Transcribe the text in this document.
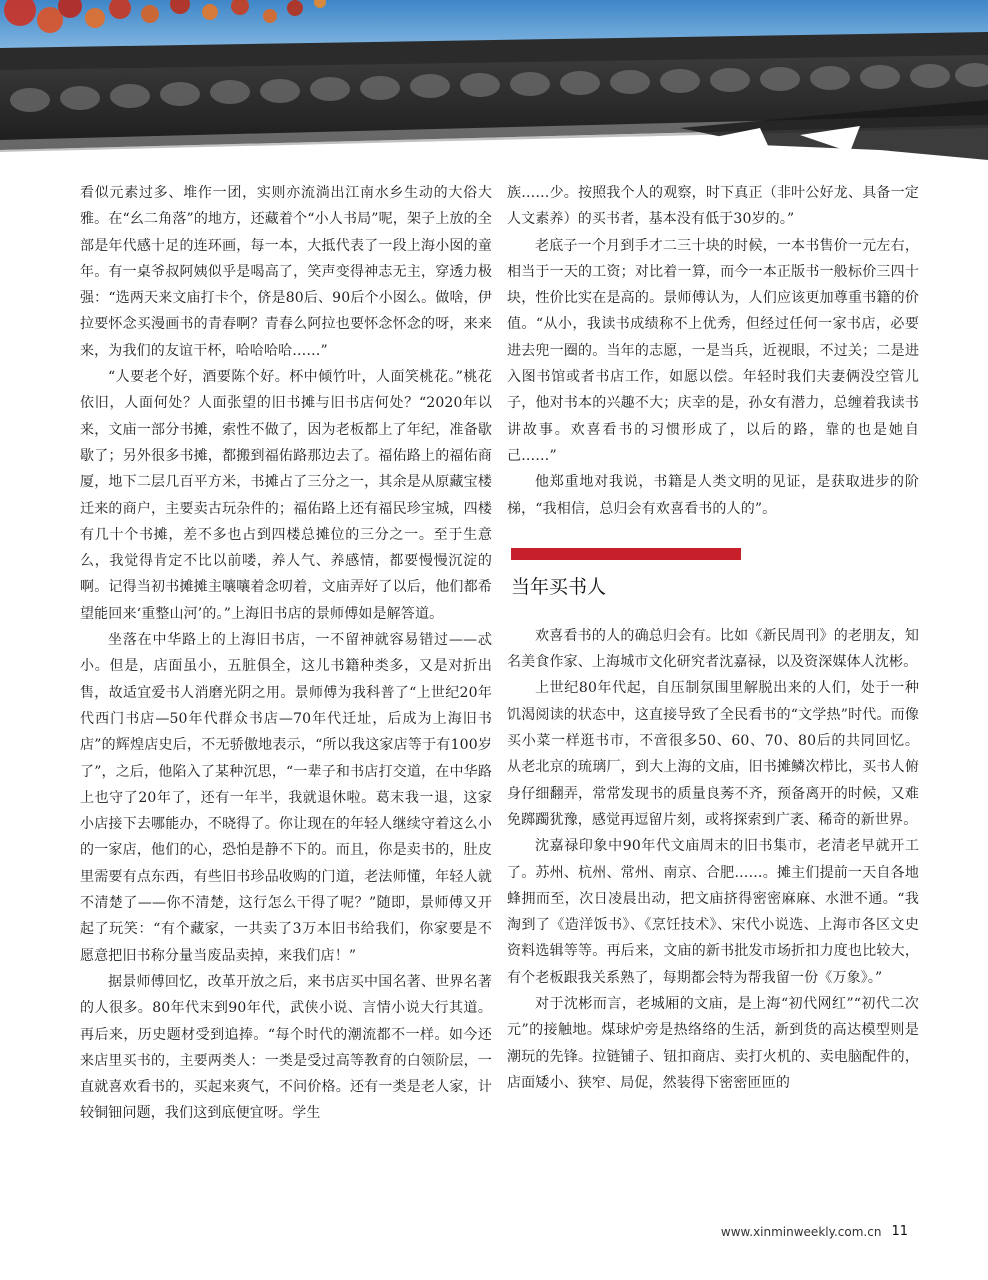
看似元素过多、堆作一团，实则亦流淌出江南水乡生动的大俗大雅。在“幺二角落”的地方，还藏着个“小人书局”呢，架子上放的全部是年代感十足的连环画，每一本，大抵代表了一段上海小囡的童年。有一桌爷叔阿姨似乎是喝高了，笑声变得神志无主，穿透力极强：“选两天来文庙打卡个，侪是80后、90后个小囡么。做啥，伊拉要怀念买漫画书的青春啊？青春么阿拉也要怀念怀念的呀，来来来，为我们的友谊干杯，哈哈哈哈……”

“人要老个好，酒要陈个好。杯中倾竹叶，人面笑桃花。”桃花依旧，人面何处？人面张望的旧书摊与旧书店何处？“2020年以来，文庙一部分书摊，索性不做了，因为老板都上了年纪，准备歇歇了；另外很多书摊，都搬到福佑路那边去了。福佑路上的福佑商厦，地下二层几百平方米，书摊占了三分之一，其余是从原藏宝楼迁来的商户，主要卖古玩杂件的；福佑路上还有福民珍宝城，四楼有几十个书摊，差不多也占到四楼总摊位的三分之一。至于生意么，我觉得肯定不比以前喽，养人气、养感情，都要慢慢沉淀的啊。记得当初书摊摊主嚷嚷着念叨着，文庙弄好了以后，他们都希望能回来‘重整山河’的。”上海旧书店的景师傅如是解答道。

坐落在中华路上的上海旧书店，一不留神就容易错过——忒小。但是，店面虽小，五脏俱全，这儿书籍种类多，又是对折出售，故适宜爱书人消磨光阴之用。景师傅为我科普了“上世纪20年代西门书店—50年代群众书店—70年代迁址，后成为上海旧书店”的辉煌店史后，不无骄傲地表示，“所以我这家店等于有100岁了”，之后，他陷入了某种沉思，“一辈子和书店打交道，在中华路上也守了20年了，还有一年半，我就退休啦。葛末我一退，这家小店接下去哪能办，不晓得了。你让现在的年轻人继续守着这么小的一家店，他们的心，恐怕是静不下的。而且，你是卖书的，肚皮里需要有点东西，有些旧书珍品收购的门道，老法师懂，年轻人就不清楚了——你不清楚，这行怎么干得了呢？”随即，景师傅又开起了玩笑：“有个藏家，一共卖了3万本旧书给我们，你家要是不愿意把旧书称分量当废品卖掉，来我们店！”

据景师傅回忆，改革开放之后，来书店买中国名著、世界名著的人很多。80年代末到90年代，武侠小说、言情小说大行其道。再后来，历史题材受到追捧。“每个时代的潮流都不一样。如今还来店里买书的，主要两类人：一类是受过高等教育的白领阶层，一直就喜欢看书的，买起来爽气，不问价格。还有一类是老人家，计较铜钿问题，我们这到底便宜呀。学生

族……少。按照我个人的观察，时下真正（非叶公好龙、具备一定人文素养）的买书者，基本没有低于30岁的。”

老底子一个月到手才二三十块的时候，一本书售价一元左右，相当于一天的工资；对比着一算，而今一本正版书一般标价三四十块，性价比实在是高的。景师傅认为，人们应该更加尊重书籍的价值。“从小，我读书成绩称不上优秀，但经过任何一家书店，必要进去兜一圈的。当年的志愿，一是当兵，近视眼，不过关；二是进入图书馆或者书店工作，如愿以偿。年轻时我们夫妻俩没空管儿子，他对书本的兴趣不大；庆幸的是，孙女有潜力，总缠着我读书讲故事。欢喜看书的习惯形成了，以后的路，靠的也是她自己……”

他郑重地对我说，书籍是人类文明的见证，是获取进步的阶梯，“我相信，总归会有欢喜看书的人的”。

当年买书人

欢喜看书的人的确总归会有。比如《新民周刊》的老朋友，知名美食作家、上海城市文化研究者沈嘉禄，以及资深媒体人沈彬。

上世纪80年代起，自压制氛围里解脱出来的人们，处于一种饥渴阅读的状态中，这直接导致了全民看书的“文学热”时代。而像买小菜一样逛书市，不啻很多50、60、70、80后的共同回忆。从老北京的琉璃厂，到大上海的文庙，旧书摊鳞次栉比，买书人俯身仔细翻弄，常常发现书的质量良莠不齐，预备离开的时候，又难免踯躅犹豫，感觉再逗留片刻，或将探索到广袤、稀奇的新世界。

沈嘉禄印象中90年代文庙周末的旧书集市，老清老早就开工了。苏州、杭州、常州、南京、合肥……。摊主们提前一天自各地蜂拥而至，次日凌晨出动，把文庙挤得密密麻麻、水泄不通。“我淘到了《造洋饭书》、《烹饪技术》、宋代小说选、上海市各区文史资料选辑等等。再后来，文庙的新书批发市场折扣力度也比较大，有个老板跟我关系熟了，每期都会特为帮我留一份《万象》。”

对于沈彬而言，老城厢的文庙，是上海“初代网红”“初代二次元”的接触地。煤球炉旁是热络络的生活，新到货的高达模型则是潮玩的先锋。拉链铺子、钮扣商店、卖打火机的、卖电脑配件的，店面矮小、狭窄、局促，然装得下密密匝匝的

www.xinminweekly.com.cn 11
